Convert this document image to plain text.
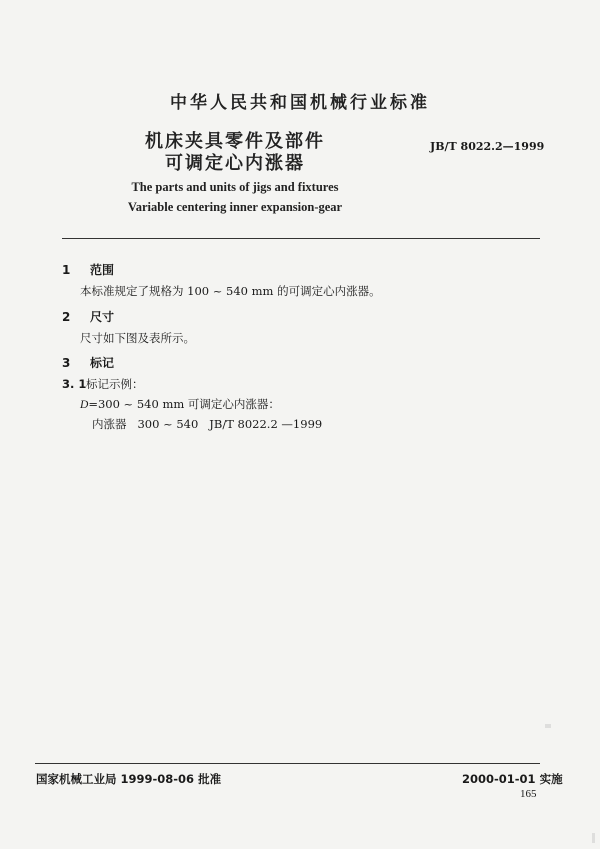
中华人民共和国机械行业标准
机床夹具零件及部件
可调定心内涨器
JB/T 8022.2—1999
The parts and units of jigs and fixtures
Variable centering inner expansion-gear
1 范围
本标准规定了规格为 100 ~ 540 mm 的可调定心内涨器。
2 尺寸
尺寸如下图及表所示。
3 标记
3. 1标记示例：
D=300 ~ 540 mm 可调定心内涨器：
内涨器   300 ~ 540   JB/T 8022.2 —1999
国家机械工业局 1999-08-06 批准	2000-01-01 实施
165
